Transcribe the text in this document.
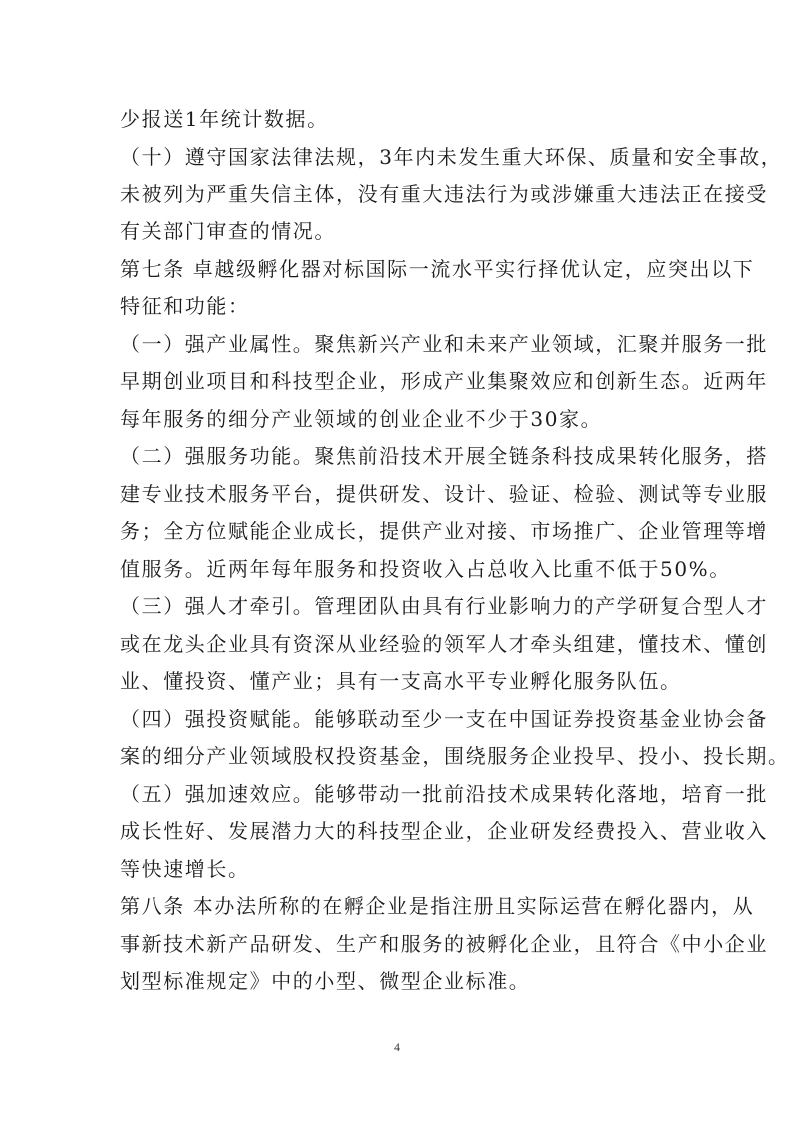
少报送1年统计数据。
（十）遵守国家法律法规，3年内未发生重大环保、质量和安全事故，
未被列为严重失信主体，没有重大违法行为或涉嫌重大违法正在接受
有关部门审查的情况。
第七条 卓越级孵化器对标国际一流水平实行择优认定，应突出以下
特征和功能：
（一）强产业属性。聚焦新兴产业和未来产业领域，汇聚并服务一批
早期创业项目和科技型企业，形成产业集聚效应和创新生态。近两年
每年服务的细分产业领域的创业企业不少于30家。
（二）强服务功能。聚焦前沿技术开展全链条科技成果转化服务，搭
建专业技术服务平台，提供研发、设计、验证、检验、测试等专业服
务；全方位赋能企业成长，提供产业对接、市场推广、企业管理等增
值服务。近两年每年服务和投资收入占总收入比重不低于50%。
（三）强人才牵引。管理团队由具有行业影响力的产学研复合型人才
或在龙头企业具有资深从业经验的领军人才牵头组建，懂技术、懂创
业、懂投资、懂产业；具有一支高水平专业孵化服务队伍。
（四）强投资赋能。能够联动至少一支在中国证券投资基金业协会备
案的细分产业领域股权投资基金，围绕服务企业投早、投小、投长期。
（五）强加速效应。能够带动一批前沿技术成果转化落地，培育一批
成长性好、发展潜力大的科技型企业，企业研发经费投入、营业收入
等快速增长。
第八条 本办法所称的在孵企业是指注册且实际运营在孵化器内，从
事新技术新产品研发、生产和服务的被孵化企业，且符合《中小企业
划型标准规定》中的小型、微型企业标准。
4
